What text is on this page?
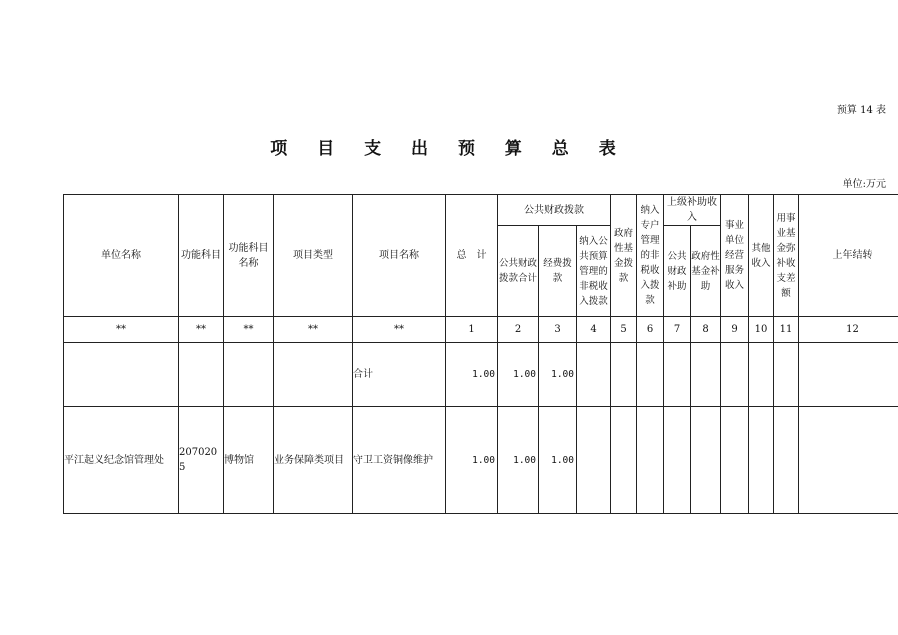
预算 14 表
项 目 支 出 预 算 总 表
单位:万元
单位名称	功能科目	功能科目名称	项目类型	项目名称	总　计	公共财政拨款			政府性基金拨款	纳入专户管理的非税收入拨款	上级补助收入		事业单位经营服务收入	其他收入	用事业基金弥补收支差额	上年结转
						公共财政拨款合计	经费拨款	纳入公共预算管理的非税收入拨款			公共财政补助	政府性基金补助				
**	**	**	**	**	1	2	3	4	5	6	7	8	9	10	11	12
				合计	1.00	1.00	1.00									
平江起义纪念馆管理处	2070205	博物馆	业务保障类项目	守卫工资铜像维护	1.00	1.00	1.00									
